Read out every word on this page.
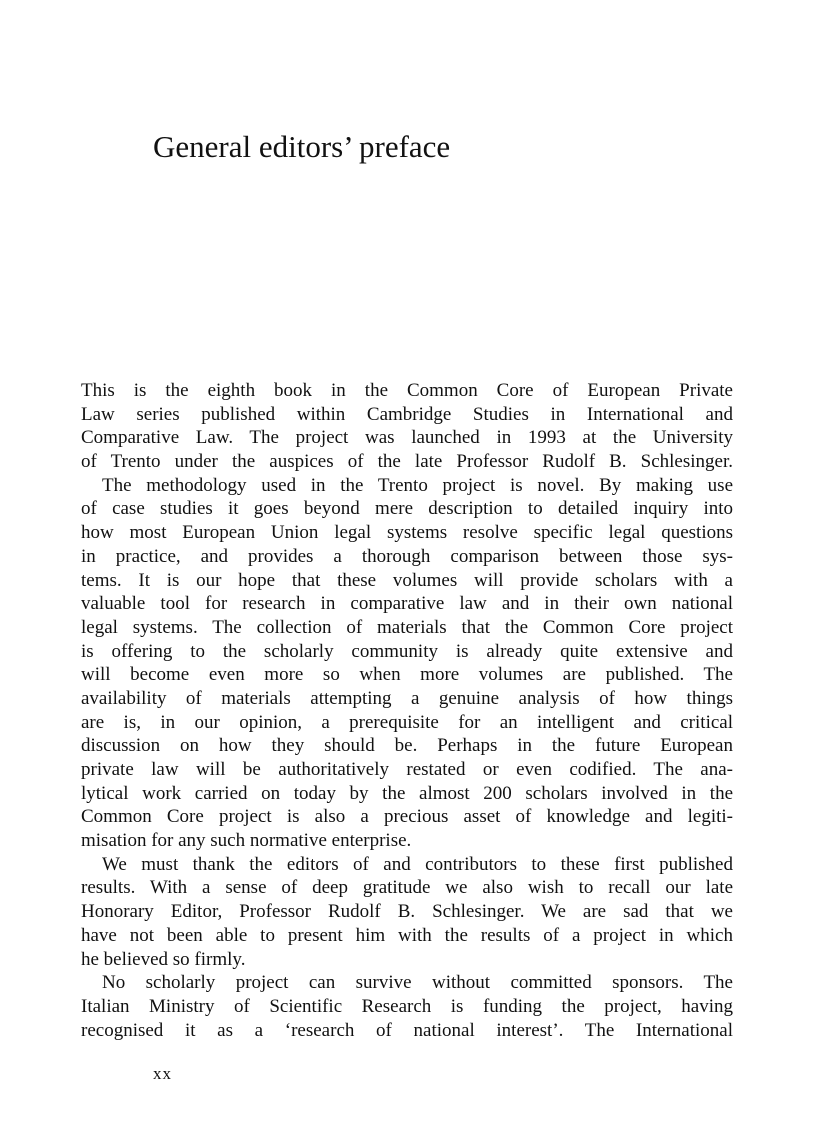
General editors’ preface
This is the eighth book in the Common Core of European Private
Law series published within Cambridge Studies in International and
Comparative Law. The project was launched in 1993 at the University
of Trento under the auspices of the late Professor Rudolf B. Schlesinger.
The methodology used in the Trento project is novel. By making use
of case studies it goes beyond mere description to detailed inquiry into
how most European Union legal systems resolve specific legal questions
in practice, and provides a thorough comparison between those sys-
tems. It is our hope that these volumes will provide scholars with a
valuable tool for research in comparative law and in their own national
legal systems. The collection of materials that the Common Core project
is offering to the scholarly community is already quite extensive and
will become even more so when more volumes are published. The
availability of materials attempting a genuine analysis of how things
are is, in our opinion, a prerequisite for an intelligent and critical
discussion on how they should be. Perhaps in the future European
private law will be authoritatively restated or even codified. The ana-
lytical work carried on today by the almost 200 scholars involved in the
Common Core project is also a precious asset of knowledge and legiti-
misation for any such normative enterprise.
We must thank the editors of and contributors to these first published
results. With a sense of deep gratitude we also wish to recall our late
Honorary Editor, Professor Rudolf B. Schlesinger. We are sad that we
have not been able to present him with the results of a project in which
he believed so firmly.
No scholarly project can survive without committed sponsors. The
Italian Ministry of Scientific Research is funding the project, having
recognised it as a ‘research of national interest’. The International
xx
